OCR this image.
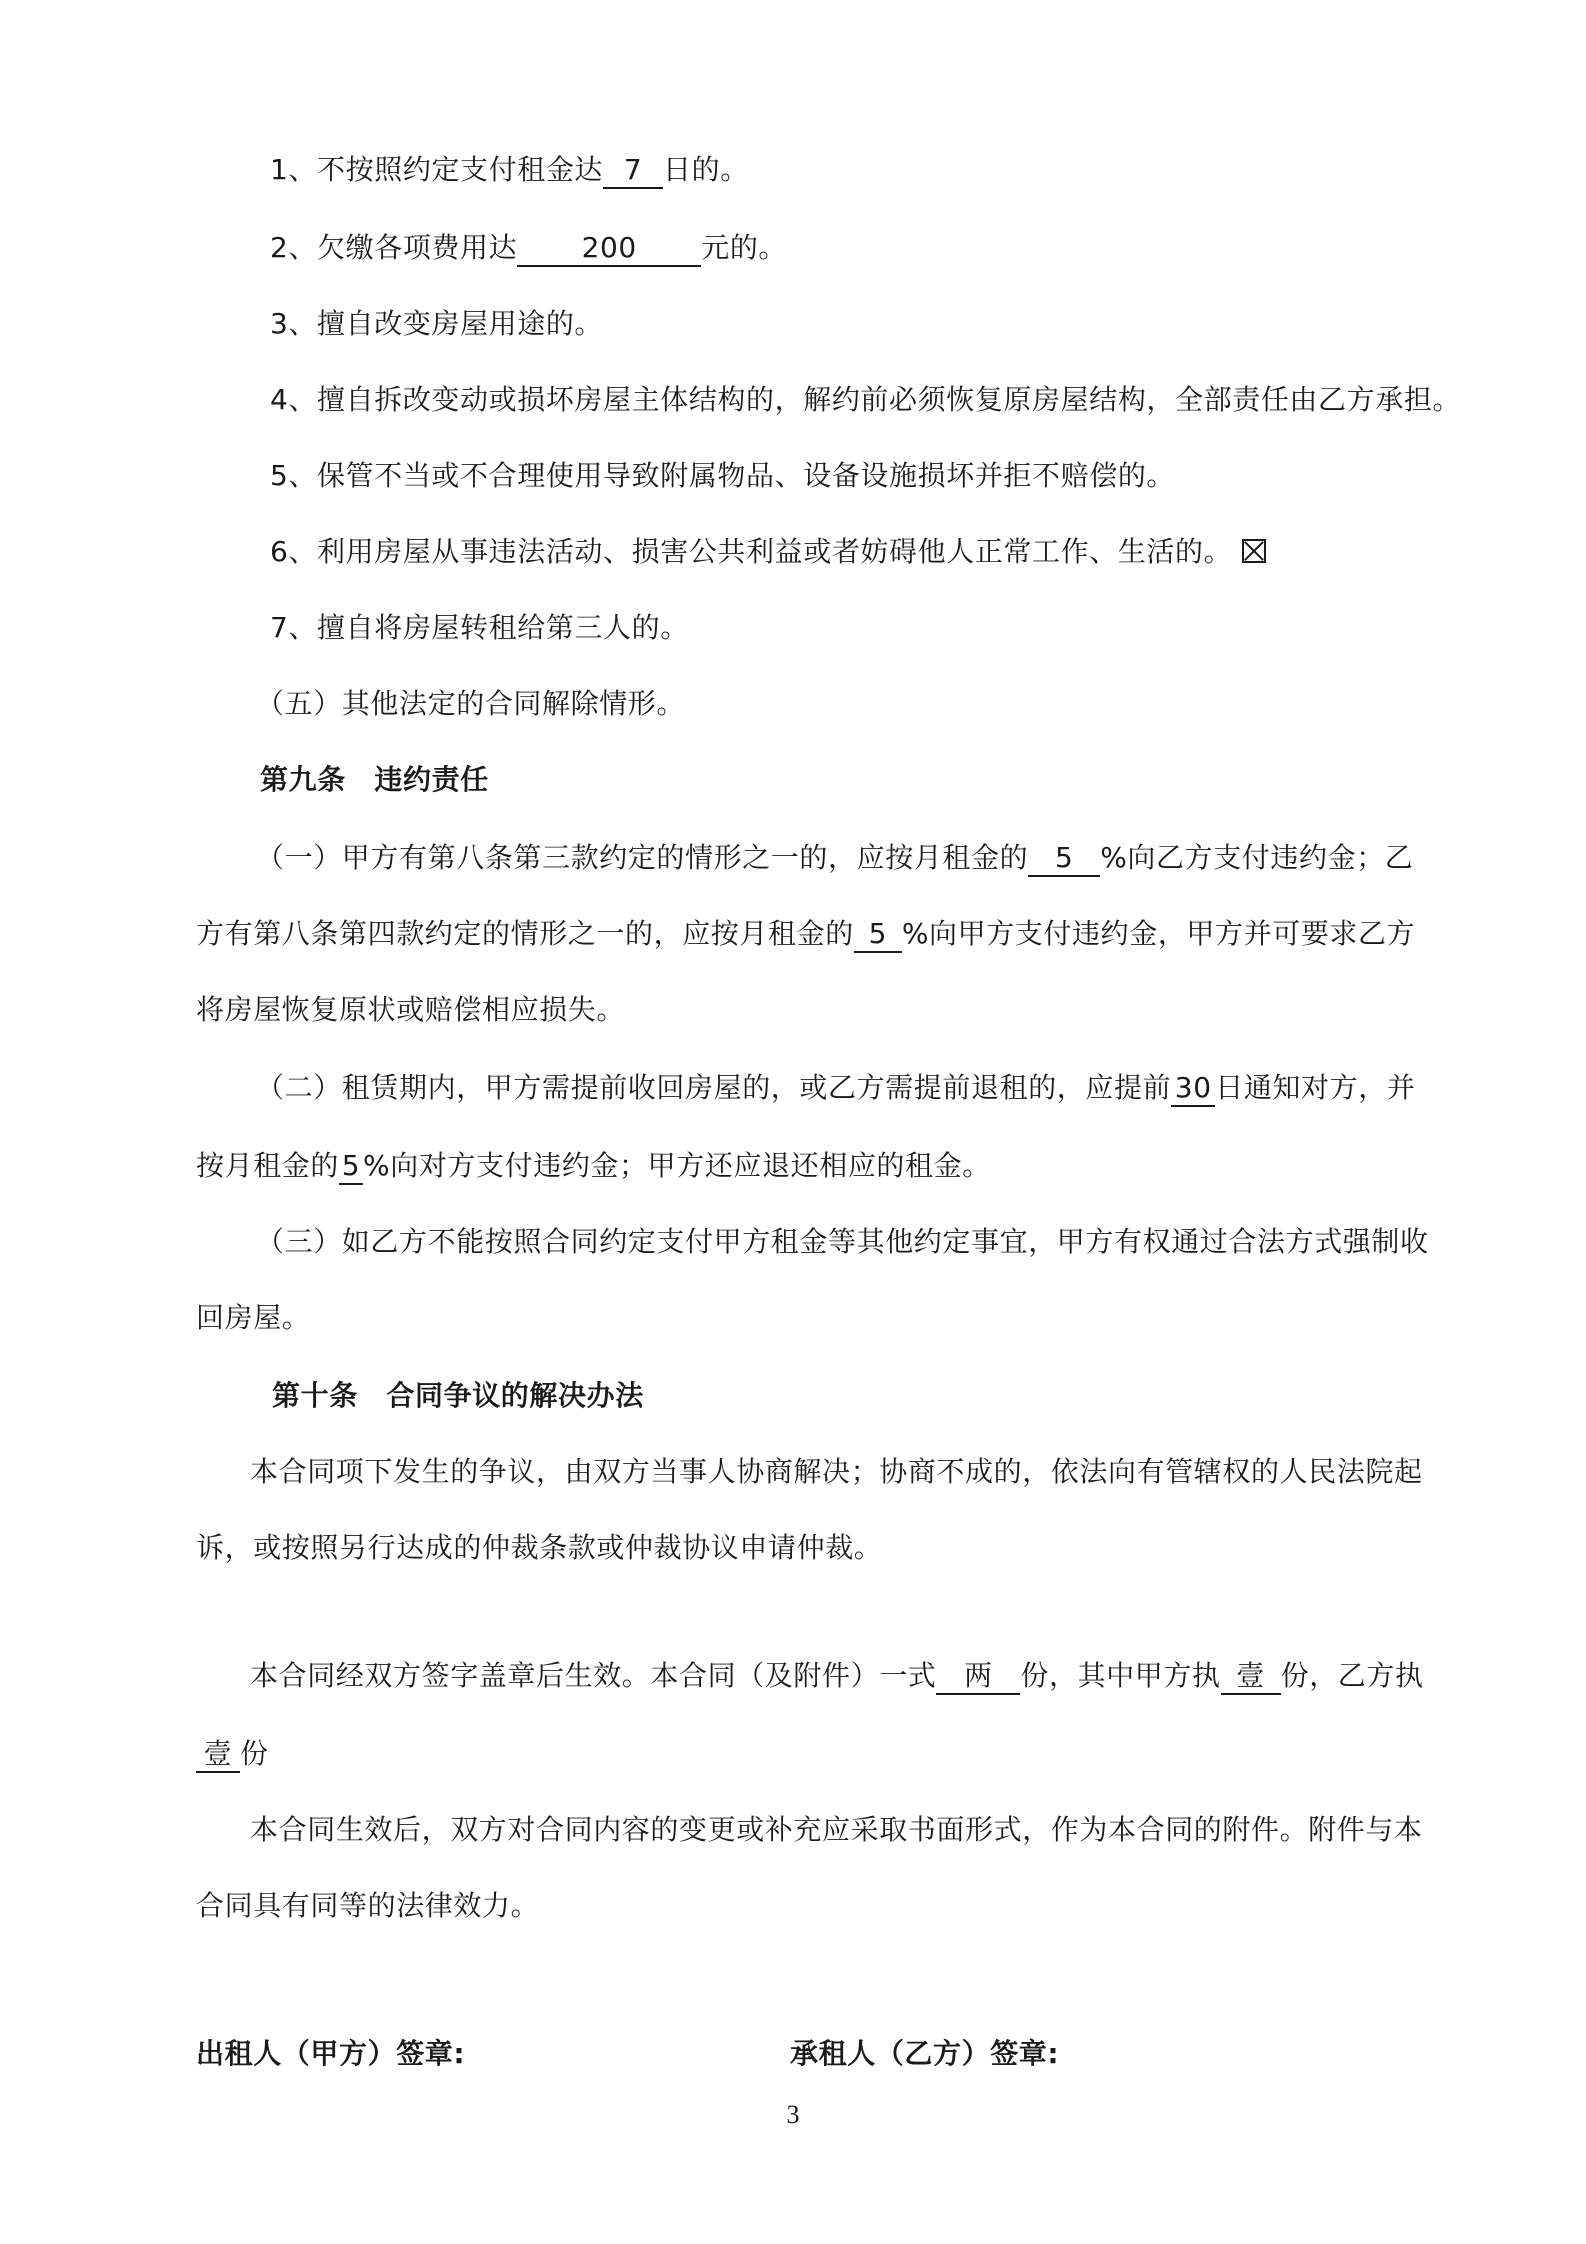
1、不按照约定支付租金达 7 日的。
2、欠缴各项费用达 200 元的。
3、擅自改变房屋用途的。
4、擅自拆改变动或损坏房屋主体结构的，解约前必须恢复原房屋结构，全部责任由乙方承担。
5、保管不当或不合理使用导致附属物品、设备设施损坏并拒不赔偿的。
6、利用房屋从事违法活动、损害公共利益或者妨碍他人正常工作、生活的。
7、擅自将房屋转租给第三人的。
（五）其他法定的合同解除情形。
第九条　违约责任
（一）甲方有第八条第三款约定的情形之一的，应按月租金的 5 %向乙方支付违约金；乙
方有第八条第四款约定的情形之一的，应按月租金的 5 %向甲方支付违约金，甲方并可要求乙方
将房屋恢复原状或赔偿相应损失。
（二）租赁期内，甲方需提前收回房屋的，或乙方需提前退租的，应提前 30 日通知对方，并
按月租金的5%向对方支付违约金；甲方还应退还相应的租金。
（三）如乙方不能按照合同约定支付甲方租金等其他约定事宜，甲方有权通过合法方式强制收
回房屋。
第十条　合同争议的解决办法
本合同项下发生的争议，由双方当事人协商解决；协商不成的，依法向有管辖权的人民法院起
诉，或按照另行达成的仲裁条款或仲裁协议申请仲裁。
本合同经双方签字盖章后生效。本合同（及附件）一式 两 份，其中甲方执 壹 份，乙方执
壹 份
本合同生效后，双方对合同内容的变更或补充应采取书面形式，作为本合同的附件。附件与本
合同具有同等的法律效力。
出租人（甲方）签章:	承租人（乙方）签章:
3
